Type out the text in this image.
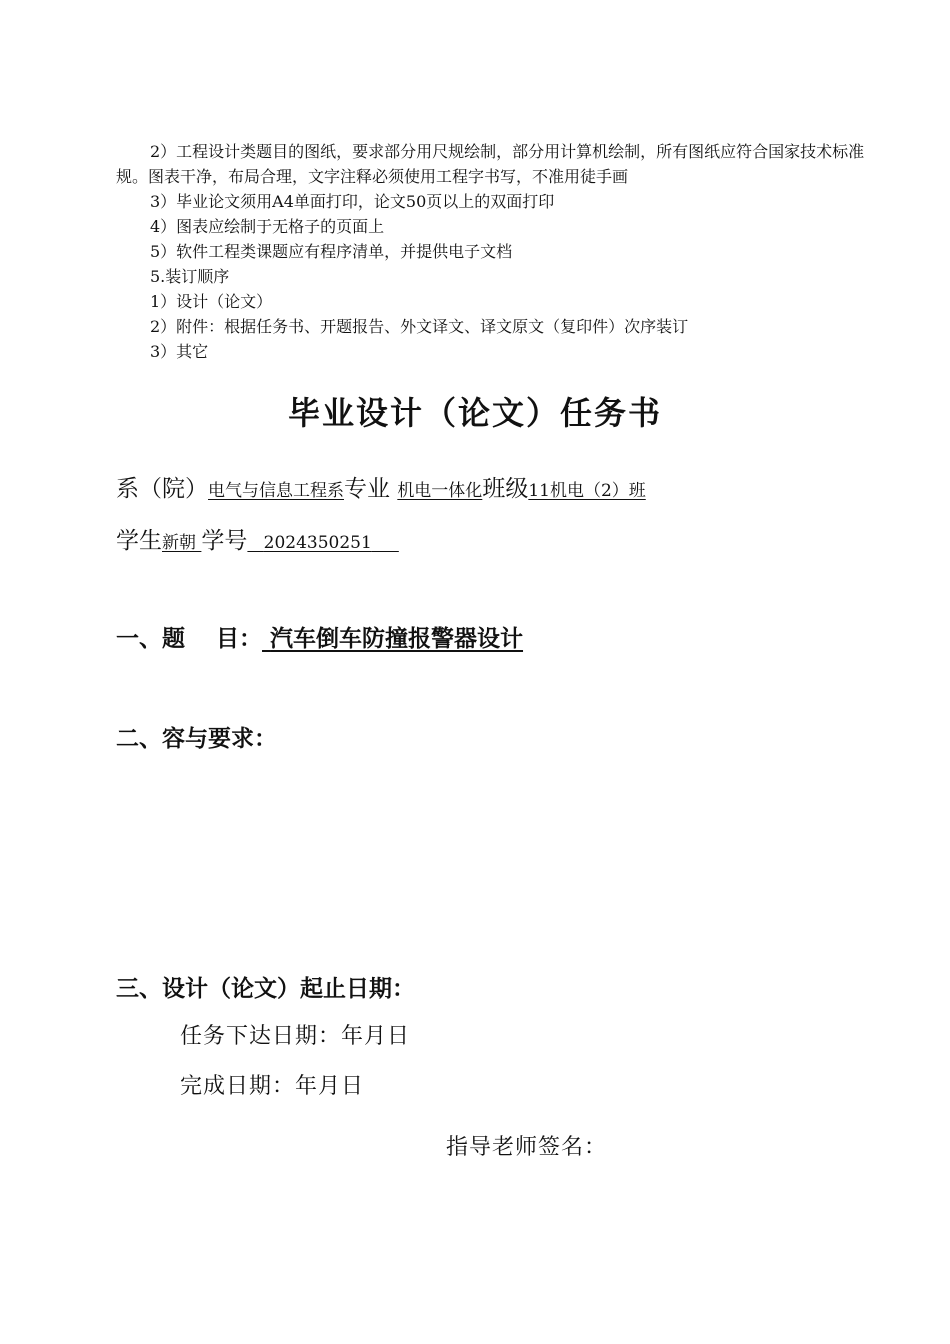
2）工程设计类题目的图纸，要求部分用尺规绘制，部分用计算机绘制，所有图纸应符合国家技术标准规。图表干净，布局合理，文字注释必须使用工程字书写，不准用徒手画

3）毕业论文须用A4单面打印，论文50页以上的双面打印

4）图表应绘制于无格子的页面上

5）软件工程类课题应有程序清单，并提供电子文档

5.装订顺序

1）设计（论文）

2）附件：根据任务书、开题报告、外文译文、译文原文（复印件）次序装订

3）其它

毕业设计（论文）任务书
系（院）电气与信息工程系专业 机电一体化班级11机电（2）班
学生新朝 学号 2024350251
一、题　 目： 汽车倒车防撞报警器设计
二、容与要求：
三、设计（论文）起止日期：
任务下达日期：年月日
完成日期：年月日
指导老师签名：
